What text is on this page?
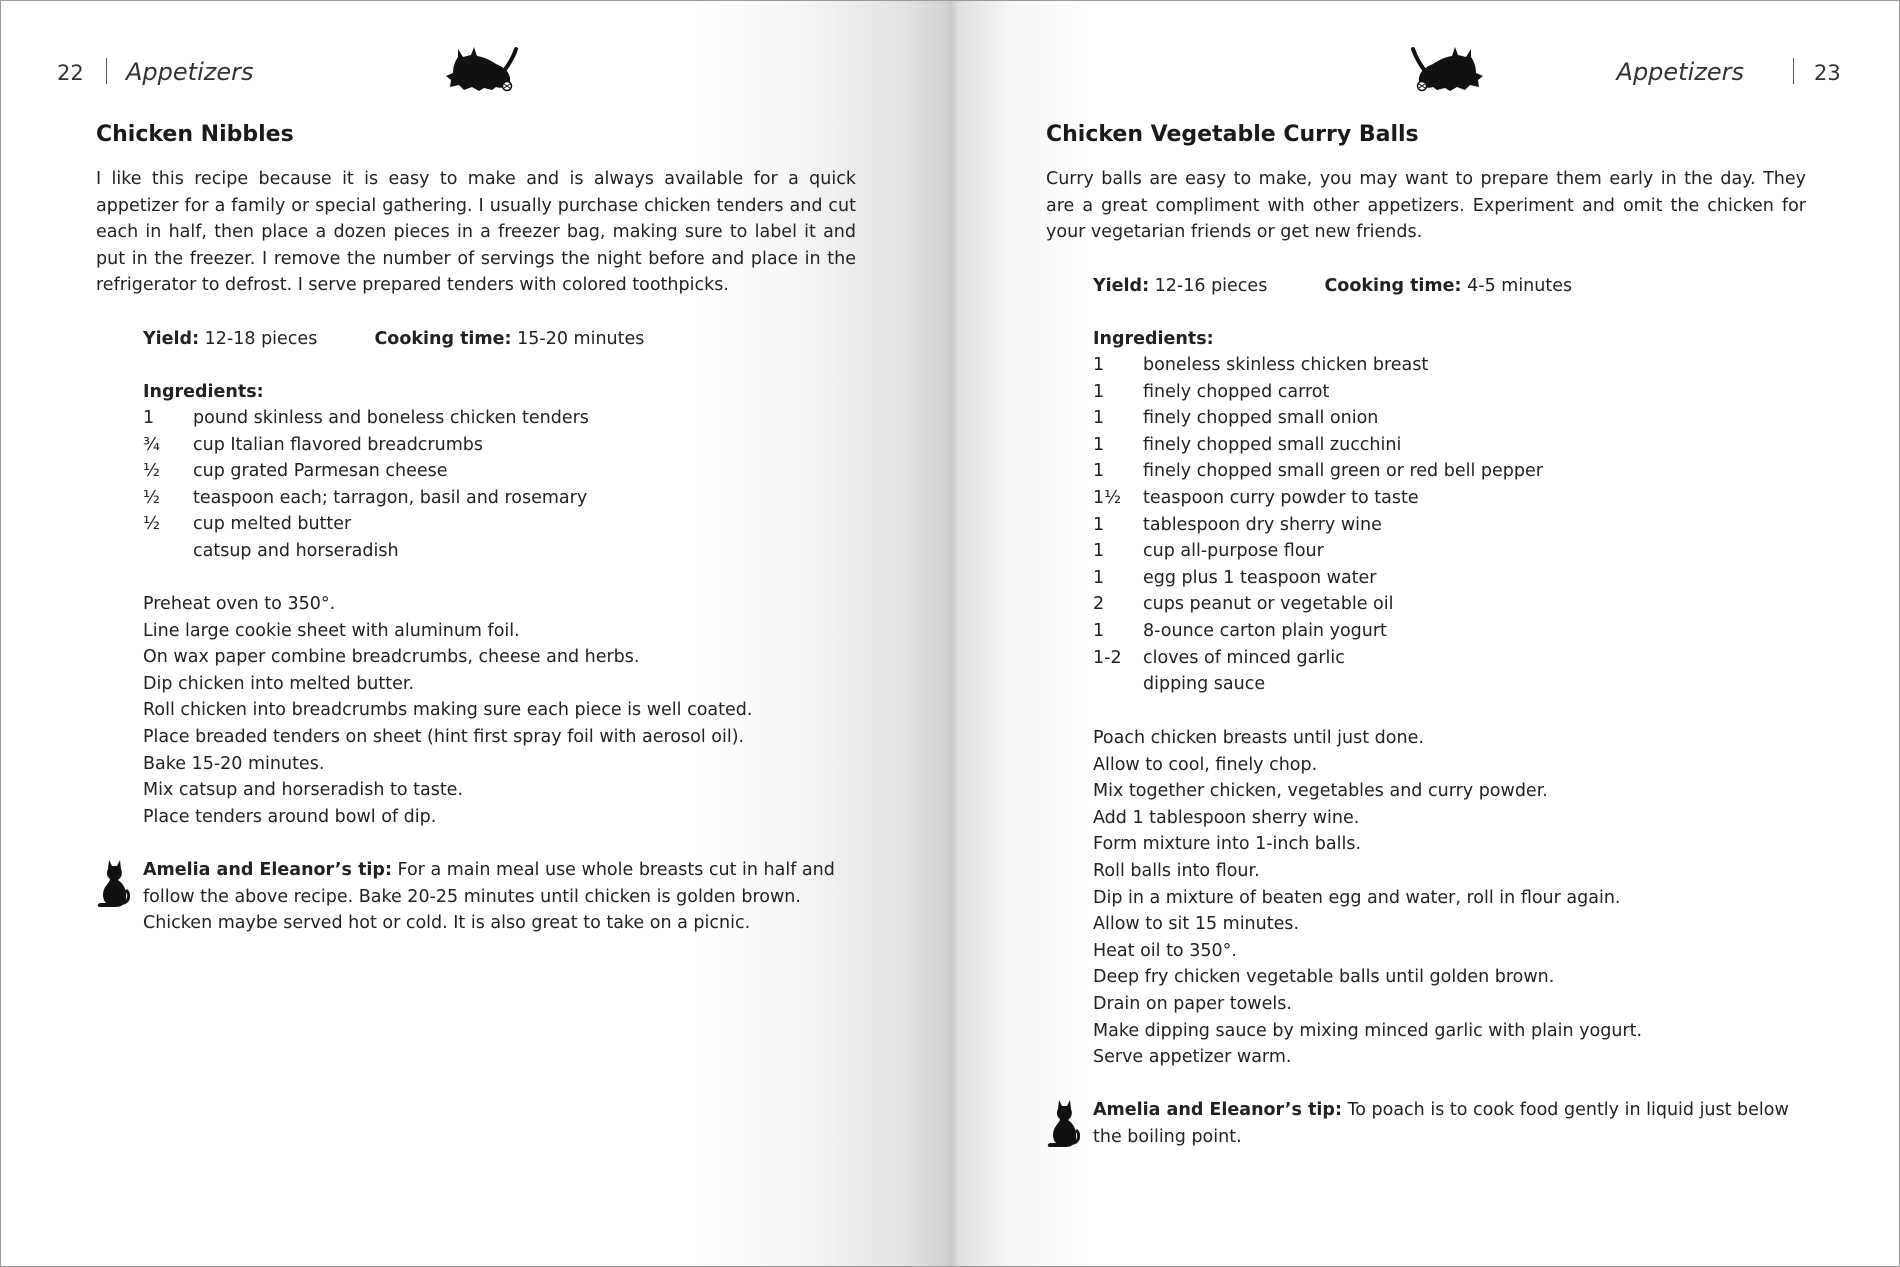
22 Appetizers
Chicken Nibbles

I like this recipe because it is easy to make and is always available for a quick appetizer for a family or special gathering. I usually purchase chicken tenders and cut each in half, then place a dozen pieces in a freezer bag, making sure to label it and put in the freezer. I remove the number of servings the night before and place in the refrigerator to defrost. I serve prepared tenders with colored toothpicks.

Yield: 12-18 pieces	Cooking time: 15-20 minutes
Ingredients:
1	pound skinless and boneless chicken tenders
¾	cup Italian flavored breadcrumbs
½	cup grated Parmesan cheese
½	teaspoon each; tarragon, basil and rosemary
½	cup melted butter
catsup and horseradish
Preheat oven to 350°.
Line large cookie sheet with aluminum foil.
On wax paper combine breadcrumbs, cheese and herbs.
Dip chicken into melted butter.
Roll chicken into breadcrumbs making sure each piece is well coated.
Place breaded tenders on sheet (hint first spray foil with aerosol oil).
Bake 15-20 minutes.
Mix catsup and horseradish to taste.
Place tenders around bowl of dip.

Amelia and Eleanor’s tip: For a main meal use whole breasts cut in half and follow the above recipe. Bake 20-25 minutes until chicken is golden brown. Chicken maybe served hot or cold. It is also great to take on a picnic.

Appetizers	23
Chicken Vegetable Curry Balls

Curry balls are easy to make, you may want to prepare them early in the day. They are a great compliment with other appetizers. Experiment and omit the chicken for your vegetarian friends or get new friends.

Yield: 12-16 pieces	Cooking time: 4-5 minutes
Ingredients:
1	boneless skinless chicken breast
1	finely chopped carrot
1	finely chopped small onion
1	finely chopped small zucchini
1	finely chopped small green or red bell pepper
1½	teaspoon curry powder to taste
1	tablespoon dry sherry wine
1	cup all-purpose flour
1	egg plus 1 teaspoon water
2	cups peanut or vegetable oil
1	8-ounce carton plain yogurt
1-2	cloves of minced garlic
dipping sauce
Poach chicken breasts until just done.
Allow to cool, finely chop.
Mix together chicken, vegetables and curry powder.
Add 1 tablespoon sherry wine.
Form mixture into 1-inch balls.
Roll balls into flour.
Dip in a mixture of beaten egg and water, roll in flour again.
Allow to sit 15 minutes.
Heat oil to 350°.
Deep fry chicken vegetable balls until golden brown.
Drain on paper towels.
Make dipping sauce by mixing minced garlic with plain yogurt.
Serve appetizer warm.

Amelia and Eleanor’s tip: To poach is to cook food gently in liquid just below the boiling point.
